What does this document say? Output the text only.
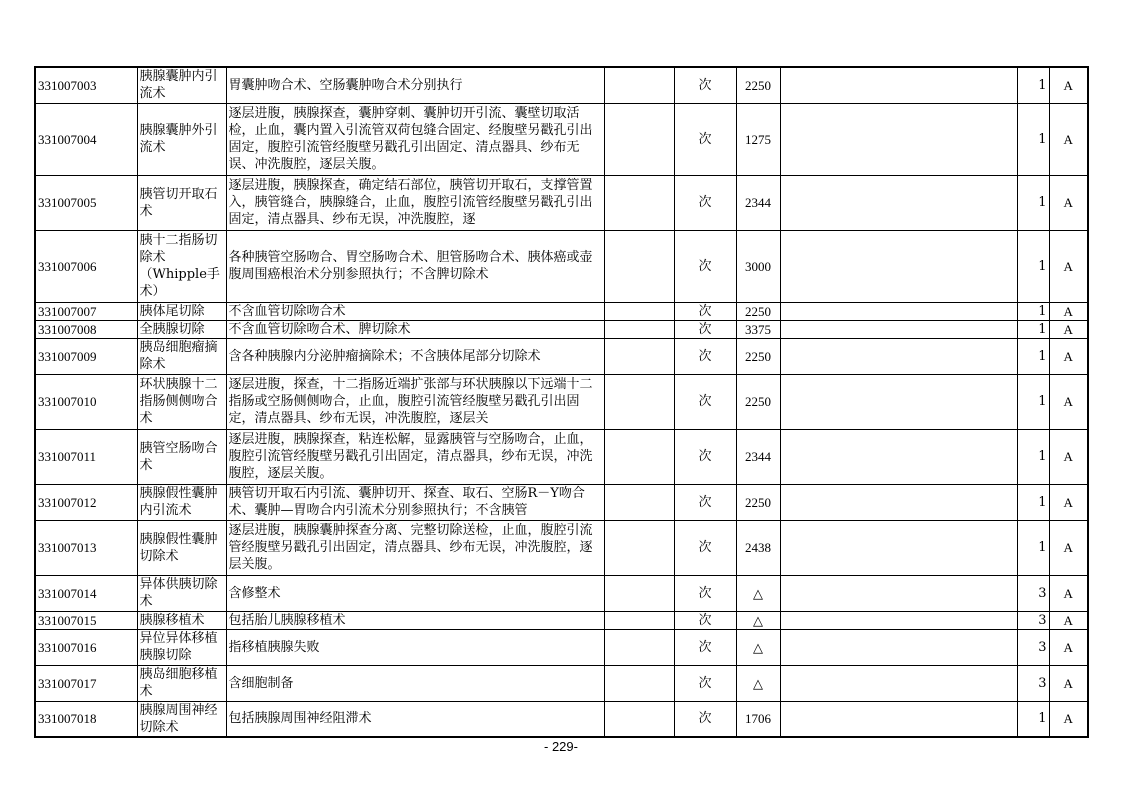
331007003	胰腺囊肿内引流术	胃囊肿吻合术、空肠囊肿吻合术分别执行		次	2250		1	A

331007004	胰腺囊肿外引流术	逐层进腹，胰腺探查，囊肿穿刺、囊肿切开引流、囊壁切取活检，止血，囊内置入引流管双荷包缝合固定、经腹壁另戳孔引出固定，腹腔引流管经腹壁另戳孔引出固定、清点器具、纱布无误、冲洗腹腔，逐层关腹。		次	1275		1	A

331007005	胰管切开取石术	逐层进腹，胰腺探查，确定结石部位，胰管切开取石，支撑管置入，胰管缝合，胰腺缝合，止血，腹腔引流管经腹壁另戳孔引出固定，清点器具、纱布无误，冲洗腹腔，逐		次	2344		1	A

331007006	胰十二指肠切除术（Whipple手术）	各种胰管空肠吻合、胃空肠吻合术、胆管肠吻合术、胰体癌或壶腹周围癌根治术分别参照执行；不含脾切除术		次	3000		1	A

331007007	胰体尾切除	不含血管切除吻合术		次	2250		1	A

331007008	全胰腺切除	不含血管切除吻合术、脾切除术		次	3375		1	A

331007009	胰岛细胞瘤摘除术	含各种胰腺内分泌肿瘤摘除术；不含胰体尾部分切除术		次	2250		1	A

331007010	环状胰腺十二指肠侧侧吻合术	逐层进腹，探查，十二指肠近端扩张部与环状胰腺以下远端十二指肠或空肠侧侧吻合，止血，腹腔引流管经腹壁另戳孔引出固定，清点器具、纱布无误，冲洗腹腔，逐层关		次	2250		1	A

331007011	胰管空肠吻合术	逐层进腹，胰腺探查，粘连松解，显露胰管与空肠吻合，止血，腹腔引流管经腹壁另戳孔引出固定，清点器具，纱布无误，冲洗腹腔，逐层关腹。		次	2344		1	A

331007012	胰腺假性囊肿内引流术	胰管切开取石内引流、囊肿切开、探查、取石、空肠R－Y吻合术、囊肿—胃吻合内引流术分别参照执行；不含胰管		次	2250		1	A

331007013	胰腺假性囊肿切除术	逐层进腹，胰腺囊肿探查分离、完整切除送检，止血，腹腔引流管经腹壁另戳孔引出固定，清点器具、纱布无误，冲洗腹腔，逐层关腹。		次	2438		1	A

331007014	异体供胰切除术	含修整术		次	△		3	A

331007015	胰腺移植术	包括胎儿胰腺移植术		次	△		3	A

331007016	异位异体移植胰腺切除	指移植胰腺失败		次	△		3	A

331007017	胰岛细胞移植术	含细胞制备		次	△		3	A

331007018	胰腺周围神经切除术	包括胰腺周围神经阻滞术		次	1706		1	A
- 229-
